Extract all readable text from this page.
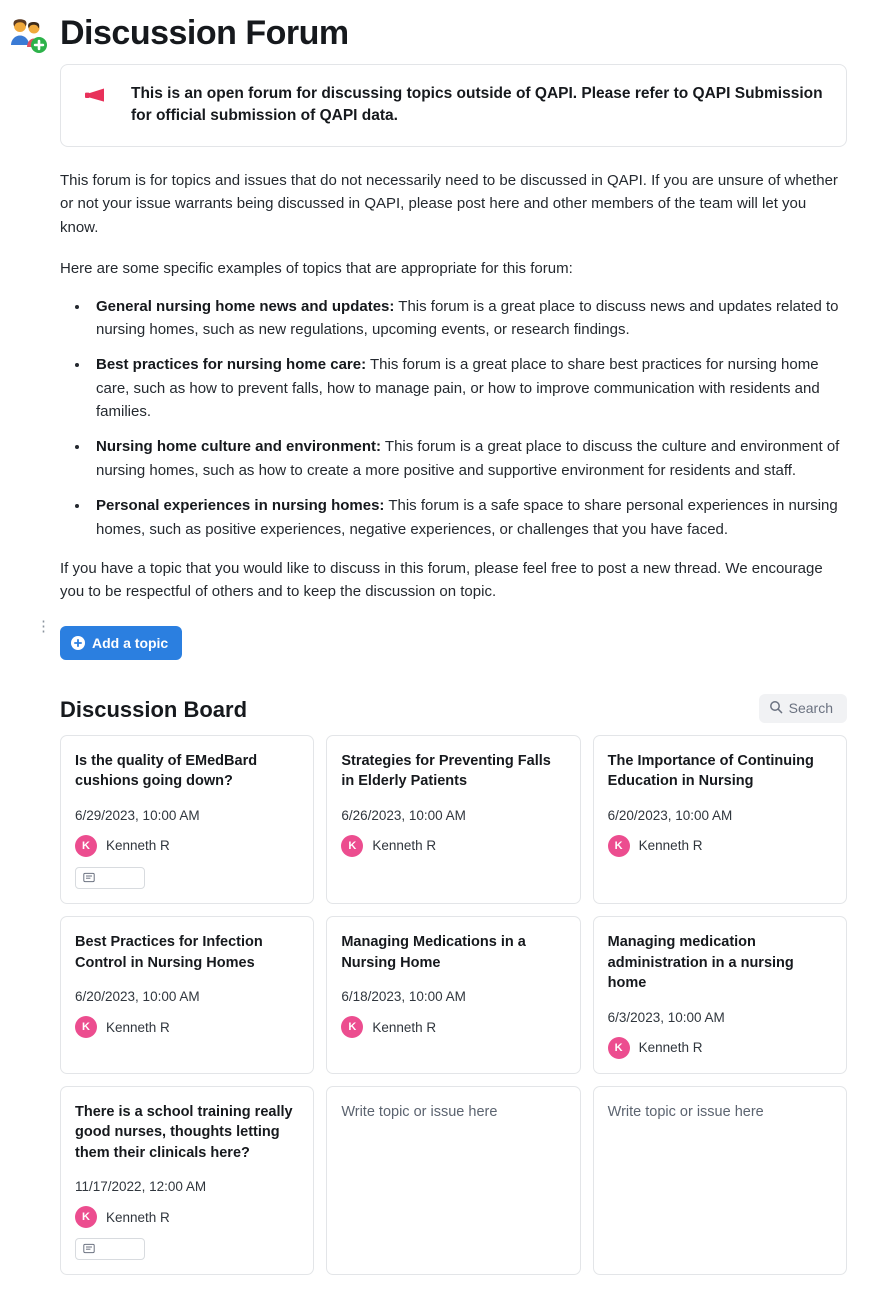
Discussion Forum
This is an open forum for discussing topics outside of QAPI. Please refer to QAPI Submission for official submission of QAPI data.

This forum is for topics and issues that do not necessarily need to be discussed in QAPI. If you are unsure of whether or not your issue warrants being discussed in QAPI, please post here and other members of the team will let you know.

Here are some specific examples of topics that are appropriate for this forum:

• General nursing home news and updates: This forum is a great place to discuss news and updates related to nursing homes, such as new regulations, upcoming events, or research findings.
• Best practices for nursing home care: This forum is a great place to share best practices for nursing home care, such as how to prevent falls, how to manage pain, or how to improve communication with residents and families.
• Nursing home culture and environment: This forum is a great place to discuss the culture and environment of nursing homes, such as how to create a more positive and supportive environment for residents and staff.
• Personal experiences in nursing homes: This forum is a safe space to share personal experiences in nursing homes, such as positive experiences, negative experiences, or challenges that you have faced.

If you have a topic that you would like to discuss in this forum, please feel free to post a new thread. We encourage you to be respectful of others and to keep the discussion on topic.

Add a topic
Discussion Board	Search
Is the quality of EMedBard cushions going down?
6/29/2023, 10:00 AM
K	Kenneth R
Strategies for Preventing Falls in Elderly Patients
6/26/2023, 10:00 AM
K	Kenneth R
The Importance of Continuing Education in Nursing
6/20/2023, 10:00 AM
K	Kenneth R
Best Practices for Infection Control in Nursing Homes
6/20/2023, 10:00 AM
K	Kenneth R
Managing Medications in a Nursing Home
6/18/2023, 10:00 AM
K	Kenneth R
Managing medication administration in a nursing home
6/3/2023, 10:00 AM
K	Kenneth R
There is a school training really good nurses, thoughts letting them their clinicals here?
11/17/2022, 12:00 AM
K	Kenneth R
Write topic or issue here	Write topic or issue here
⋮
